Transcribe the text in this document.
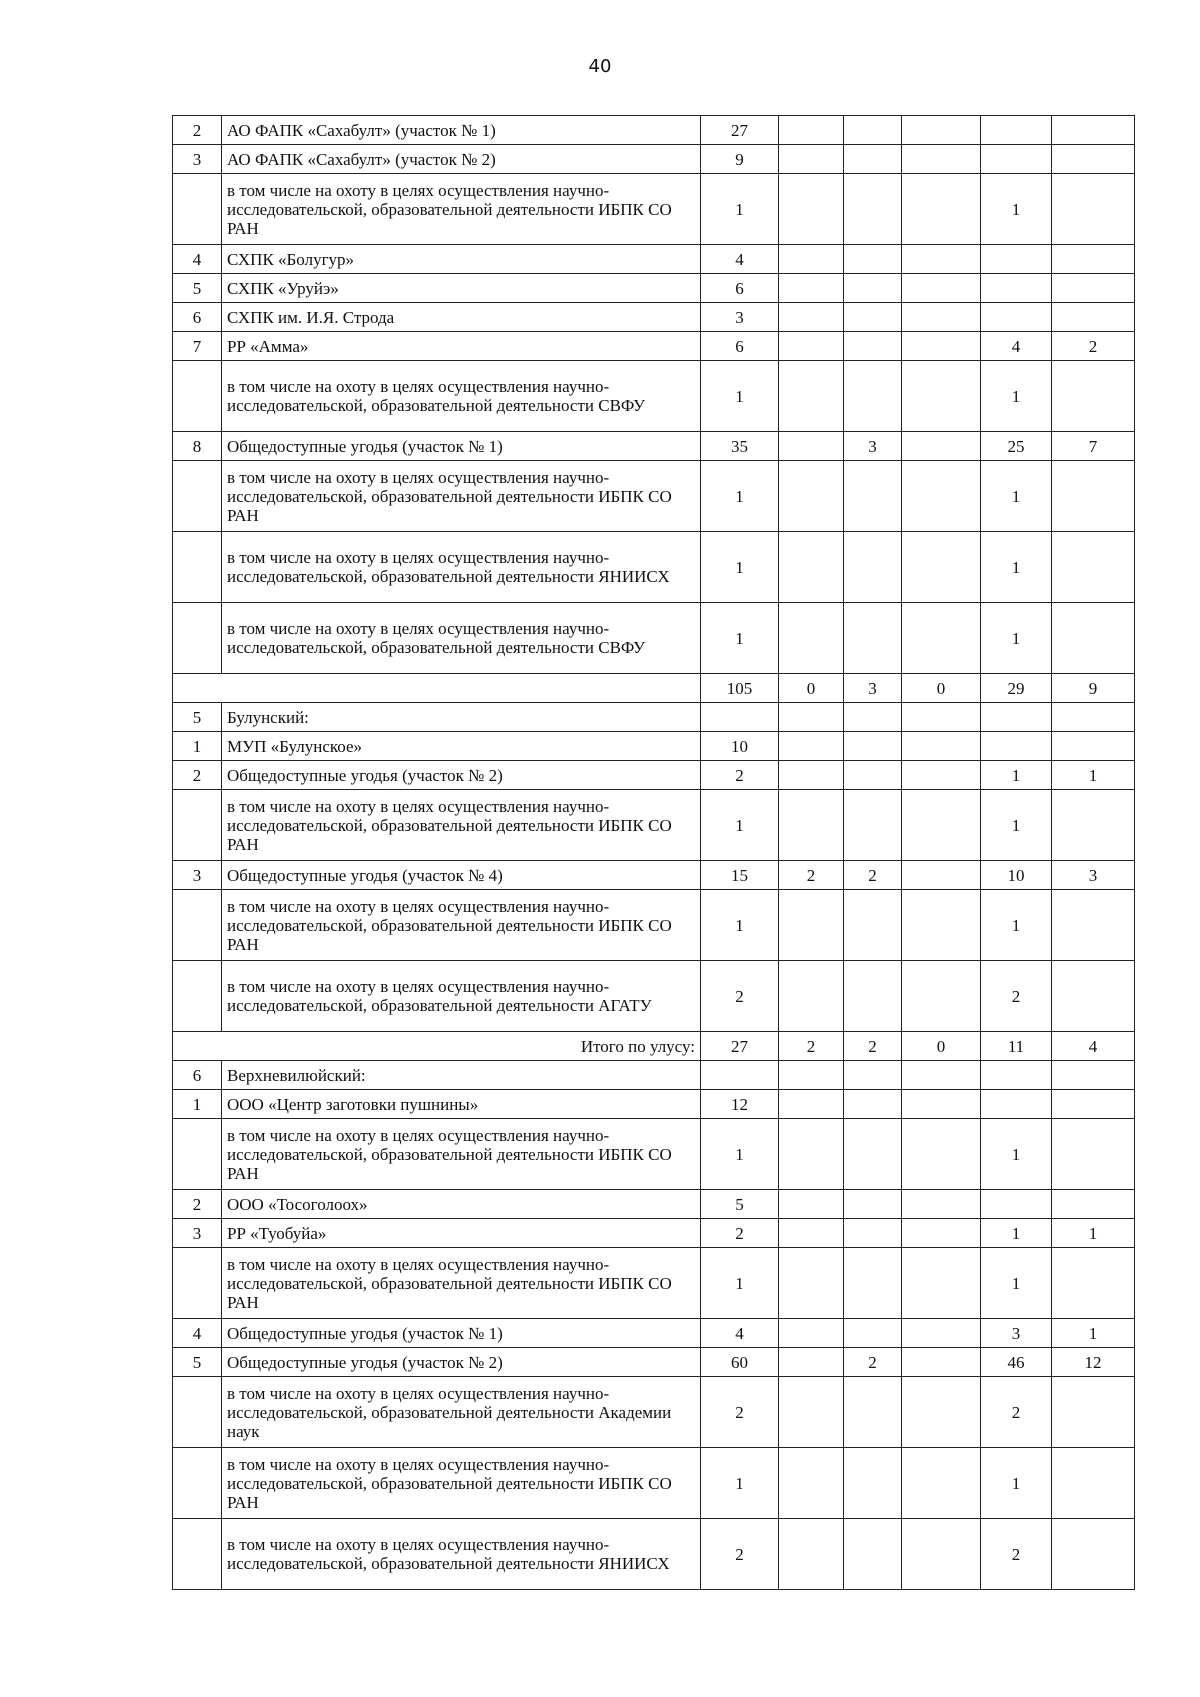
40
2	АО ФАПК «Сахабулт» (участок № 1)	27					
3	АО ФАПК «Сахабулт» (участок № 2)	9					
	в том числе на охоту в целях осуществления научно-исследовательской, образовательной деятельности ИБПК СО РАН	1				1	
4	СХПК «Болугур»	4					
5	СХПК «Уруйэ»	6					
6	СХПК им. И.Я. Строда	3					
7	РР «Амма»	6				4	2
	в том числе на охоту в целях осуществления научно-исследовательской, образовательной деятельности СВФУ	1				1	
8	Общедоступные угодья (участок № 1)	35		3		25	7
	в том числе на охоту в целях осуществления научно-исследовательской, образовательной деятельности ИБПК СО РАН	1				1	
	в том числе на охоту в целях осуществления научно-исследовательской, образовательной деятельности ЯНИИСХ	1				1	
	в том числе на охоту в целях осуществления научно-исследовательской, образовательной деятельности СВФУ	1				1	
		105	0	3	0	29	9
5	Булунский:						
1	МУП «Булунское»	10					
2	Общедоступные угодья (участок № 2)	2				1	1
	в том числе на охоту в целях осуществления научно-исследовательской, образовательной деятельности ИБПК СО РАН	1				1	
3	Общедоступные угодья (участок № 4)	15	2	2		10	3
	в том числе на охоту в целях осуществления научно-исследовательской, образовательной деятельности ИБПК СО РАН	1				1	
	в том числе на охоту в целях осуществления научно-исследовательской, образовательной деятельности АГАТУ	2				2	
Итого по улусу:		27	2	2	0	11	4
6	Верхневилюйский:						
1	ООО «Центр заготовки пушнины»	12					
	в том числе на охоту в целях осуществления научно-исследовательской, образовательной деятельности ИБПК СО РАН	1				1	
2	ООО «Тосоголоох»	5					
3	РР «Туобуйа»	2				1	1
	в том числе на охоту в целях осуществления научно-исследовательской, образовательной деятельности ИБПК СО РАН	1				1	
4	Общедоступные угодья (участок № 1)	4				3	1
5	Общедоступные угодья (участок № 2)	60		2		46	12
	в том числе на охоту в целях осуществления научно-исследовательской, образовательной деятельности Академии наук	2				2	
	в том числе на охоту в целях осуществления научно-исследовательской, образовательной деятельности ИБПК СО РАН	1				1	
	в том числе на охоту в целях осуществления научно-исследовательской, образовательной деятельности ЯНИИСХ	2				2	
